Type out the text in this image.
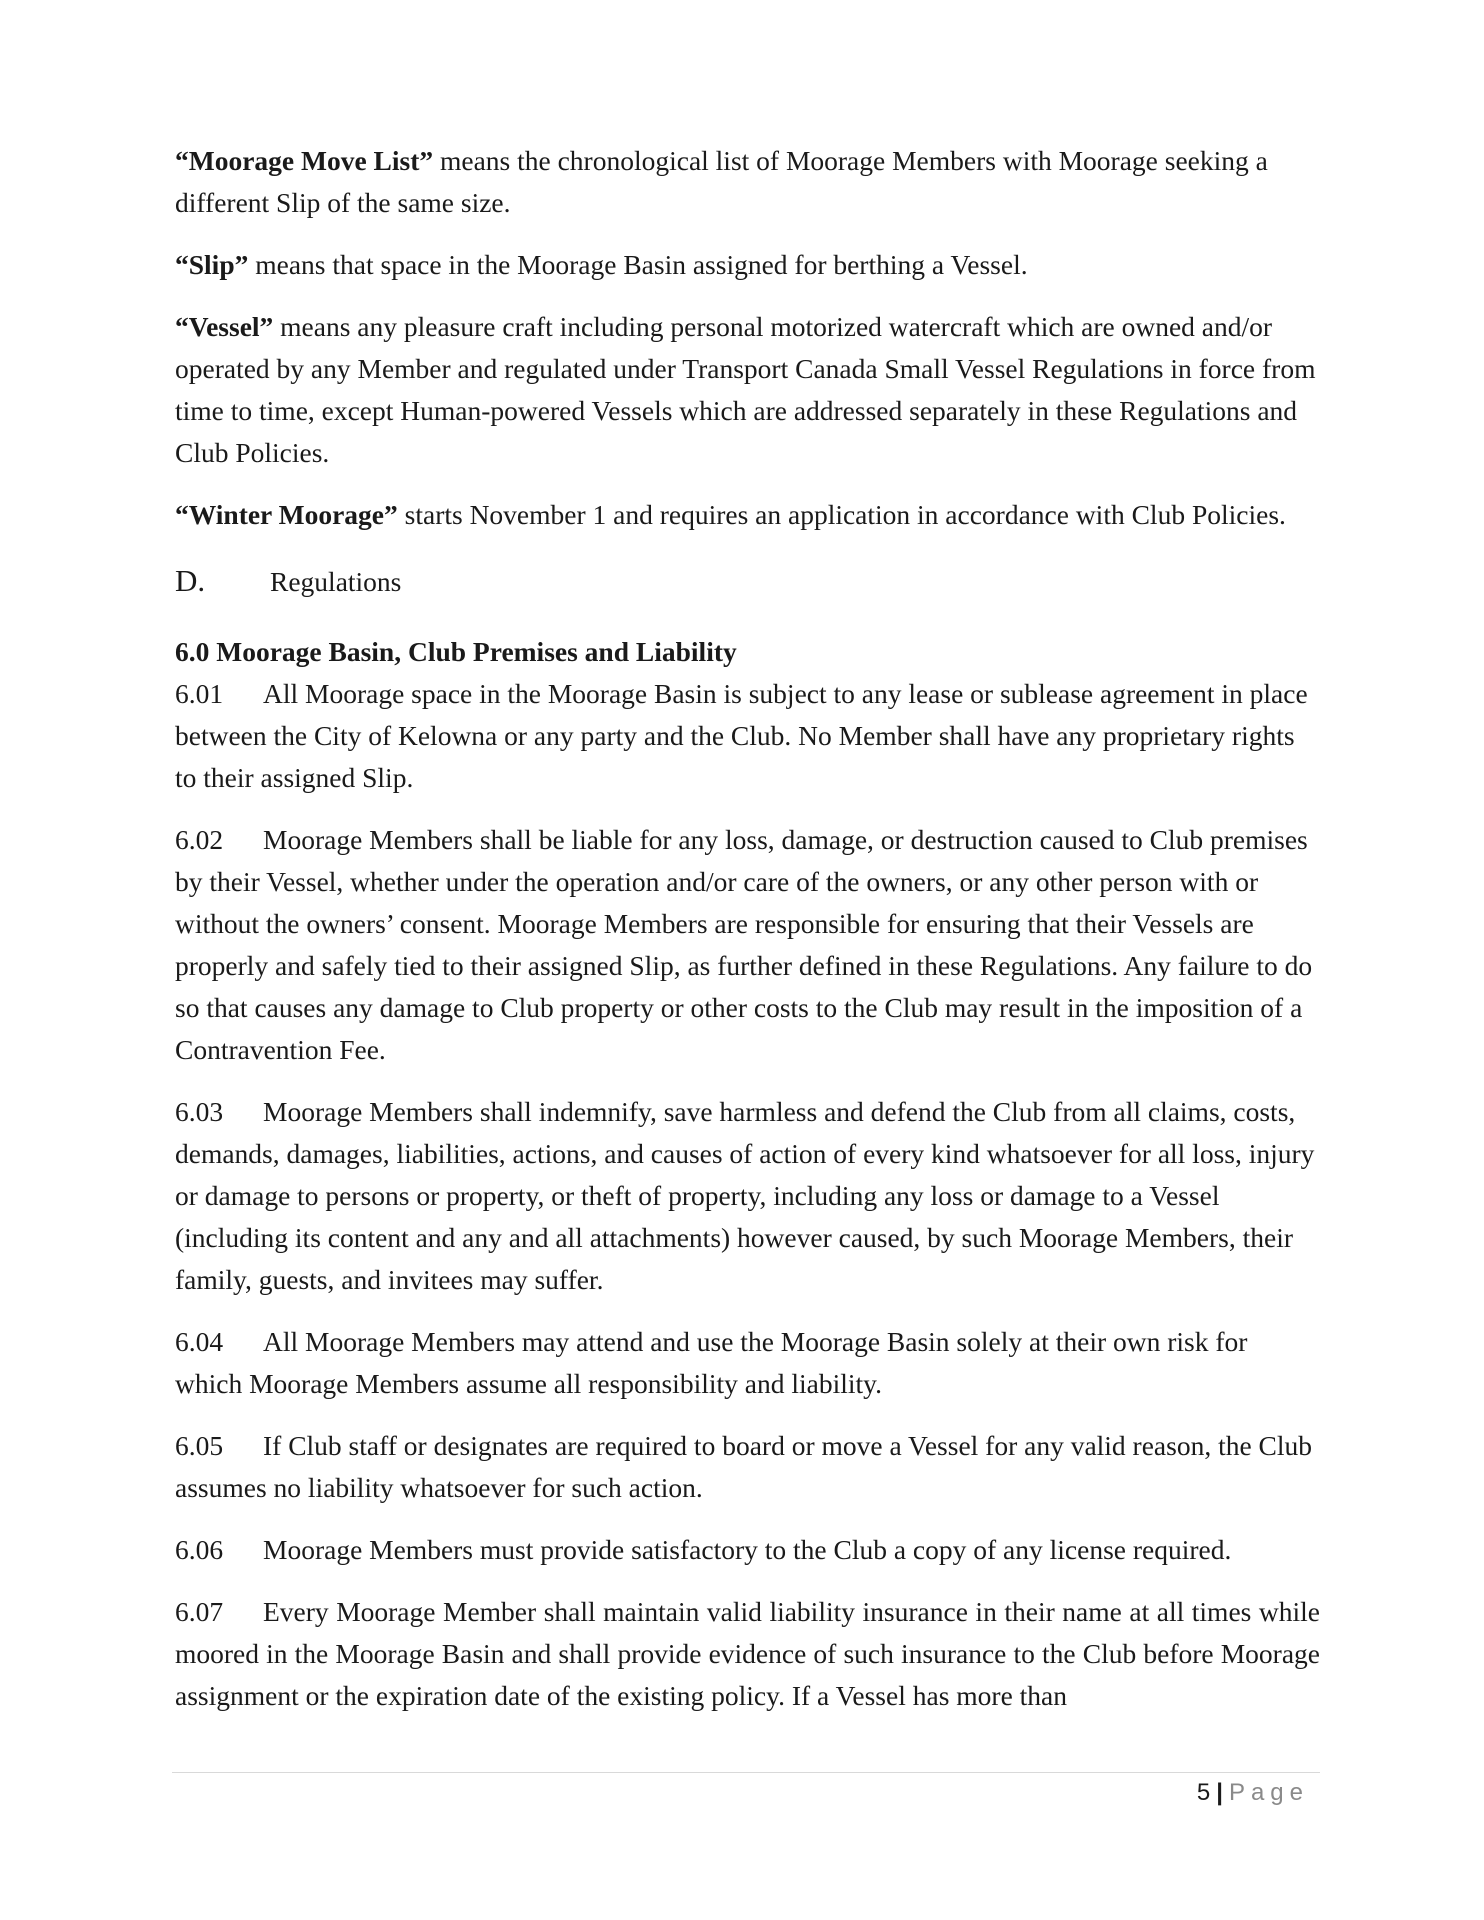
“Moorage Move List” means the chronological list of Moorage Members with Moorage seeking a different Slip of the same size.

“Slip” means that space in the Moorage Basin assigned for berthing a Vessel.

“Vessel” means any pleasure craft including personal motorized watercraft which are owned and/or operated by any Member and regulated under Transport Canada Small Vessel Regulations in force from time to time, except Human-powered Vessels which are addressed separately in these Regulations and Club Policies.

“Winter Moorage” starts November 1 and requires an application in accordance with Club Policies.

D.	Regulations

6.0 Moorage Basin, Club Premises and Liability

6.01 All Moorage space in the Moorage Basin is subject to any lease or sublease agreement in place between the City of Kelowna or any party and the Club. No Member shall have any proprietary rights to their assigned Slip.

6.02 Moorage Members shall be liable for any loss, damage, or destruction caused to Club premises by their Vessel, whether under the operation and/or care of the owners, or any other person with or without the owners’ consent. Moorage Members are responsible for ensuring that their Vessels are properly and safely tied to their assigned Slip, as further defined in these Regulations. Any failure to do so that causes any damage to Club property or other costs to the Club may result in the imposition of a Contravention Fee.

6.03 Moorage Members shall indemnify, save harmless and defend the Club from all claims, costs, demands, damages, liabilities, actions, and causes of action of every kind whatsoever for all loss, injury or damage to persons or property, or theft of property, including any loss or damage to a Vessel (including its content and any and all attachments) however caused, by such Moorage Members, their family, guests, and invitees may suffer.

6.04 All Moorage Members may attend and use the Moorage Basin solely at their own risk for which Moorage Members assume all responsibility and liability.

6.05 If Club staff or designates are required to board or move a Vessel for any valid reason, the Club assumes no liability whatsoever for such action.

6.06 Moorage Members must provide satisfactory to the Club a copy of any license required.

6.07 Every Moorage Member shall maintain valid liability insurance in their name at all times while moored in the Moorage Basin and shall provide evidence of such insurance to the Club before Moorage assignment or the expiration date of the existing policy. If a Vessel has more than

5 | Page
